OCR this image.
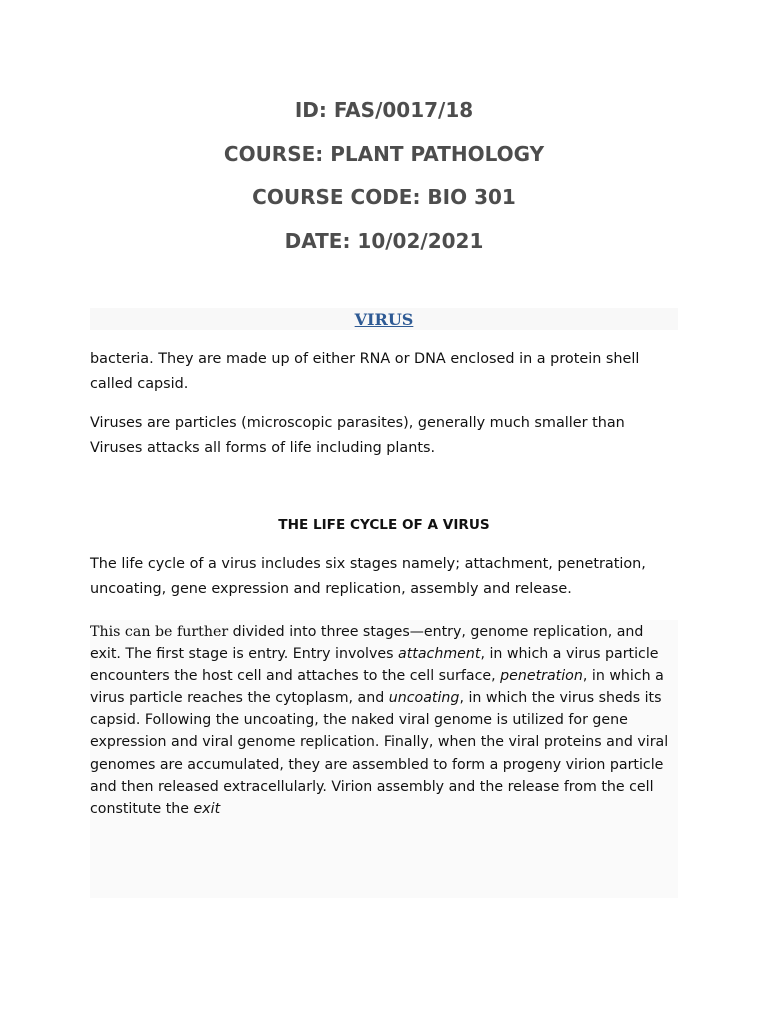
ID: FAS/0017/18
COURSE: PLANT PATHOLOGY
COURSE CODE: BIO 301
DATE: 10/02/2021
VIRUS
bacteria. They are made up of either RNA or DNA enclosed in a protein shell called capsid.
Viruses are particles (microscopic parasites), generally much smaller than Viruses attacks all forms of life including plants.
THE LIFE CYCLE OF A VIRUS
The life cycle of a virus includes six stages namely; attachment, penetration, uncoating, gene expression and replication, assembly and release.
This can be further divided into three stages—entry, genome replication, and exit. The first stage is entry. Entry involves attachment, in which a virus particle encounters the host cell and attaches to the cell surface, penetration, in which a virus particle reaches the cytoplasm, and uncoating, in which the virus sheds its capsid. Following the uncoating, the naked viral genome is utilized for gene expression and viral genome replication. Finally, when the viral proteins and viral genomes are accumulated, they are assembled to form a progeny virion particle and then released extracellularly. Virion assembly and the release from the cell constitute the exit
